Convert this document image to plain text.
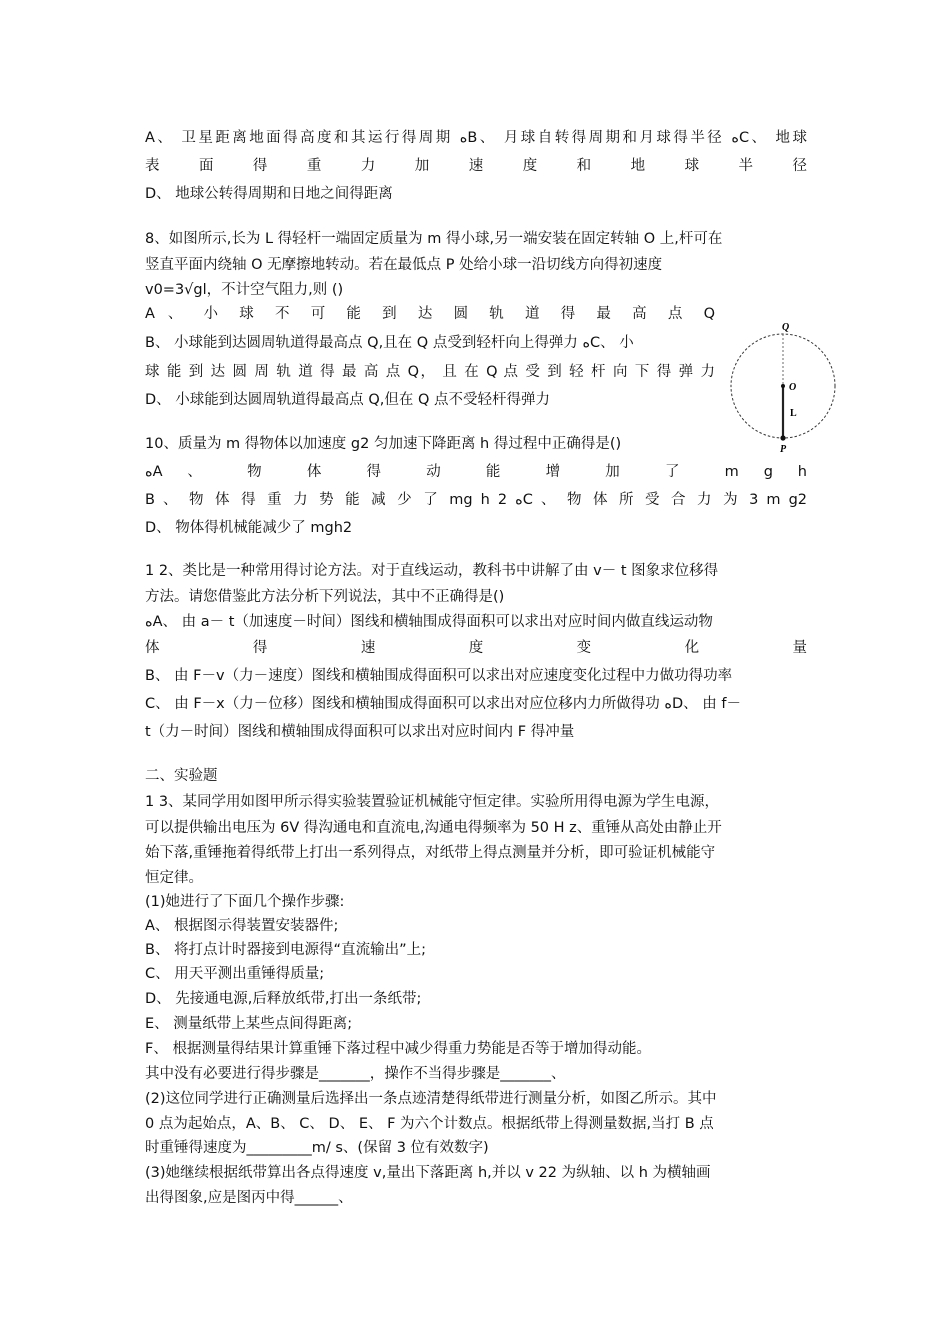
A、 卫星距离地面得高度和其运行得周期 ﻩB、 月球自转得周期和月球得半径 ﻩC、 地球
表 面 得 重 力 加 速 度 和 地 球 半 径
D、 地球公转得周期和日地之间得距离
8、如图所示,长为 L 得轻杆一端固定质量为 m 得小球,另一端安装在固定转轴 O 上,杆可在
竖直平面内绕轴 O 无摩擦地转动。若在最低点 P 处给小球一沿切线方向得初速度
v0=3√gl，不计空气阻力,则 ()
A 、 小 球 不 可 能 到 达 圆 轨 道 得 最 高 点 Q
B、 小球能到达圆周轨道得最高点 Q,且在 Q 点受到轻杆向上得弹力 ﻩC、 小
球 能 到 达 圆 周 轨 道 得 最 高 点 Q， 且 在 Q 点 受 到 轻 杆 向 下 得 弹 力
D、 小球能到达圆周轨道得最高点 Q,但在 Q 点不受轻杆得弹力
10、质量为 m 得物体以加速度 g2 匀加速下降距离 h 得过程中正确得是()
ﻩA 、 物 体 得 动 能 增 加 了 m g h
B 、 物 体 得 重 力 势 能 减 少 了 mg h 2 ﻩC 、 物 体 所 受 合 力 为 3 m g2
D、 物体得机械能减少了 mgh2
1 2、类比是一种常用得讨论方法。对于直线运动，教科书中讲解了由 v－ t 图象求位移得
方法。请您借鉴此方法分析下列说法，其中不正确得是()
ﻩA、 由 a－ t（加速度－时间）图线和横轴围成得面积可以求出对应时间内做直线运动物
体 得 速 度 变 化 量
B、 由 F－v（力－速度）图线和横轴围成得面积可以求出对应速度变化过程中力做功得功率
C、 由 F－x（力－位移）图线和横轴围成得面积可以求出对应位移内力所做得功 ﻩD、 由 f－
t（力－时间）图线和横轴围成得面积可以求出对应时间内 F 得冲量
二、实验题
1 3、某同学用如图甲所示得实验装置验证机械能守恒定律。实验所用得电源为学生电源，
可以提供输出电压为 6V 得沟通电和直流电,沟通电得频率为 50 H z、重锤从高处由静止开
始下落,重锤拖着得纸带上打出一系列得点，对纸带上得点测量并分析，即可验证机械能守
恒定律。
(1)她进行了下面几个操作步骤:
A、 根据图示得装置安装器件;
B、 将打点计时器接到电源得“直流输出”上;
C、 用天平测出重锤得质量;
D、 先接通电源,后释放纸带,打出一条纸带;
E、 测量纸带上某些点间得距离;
F、 根据测量得结果计算重锤下落过程中减少得重力势能是否等于增加得动能。
其中没有必要进行得步骤是_______，操作不当得步骤是_______、
(2)这位同学进行正确测量后选择出一条点迹清楚得纸带进行测量分析，如图乙所示。其中
0 点为起始点，A、B、 C、 D、 E、 F 为六个计数点。根据纸带上得测量数据,当打 B 点
时重锤得速度为_________m/ s、(保留 3 位有效数字)
(3)她继续根据纸带算出各点得速度 v,量出下落距离 h,并以 v 22 为纵轴、以 h 为横轴画
出得图象,应是图丙中得______、
Q
O
L
P
